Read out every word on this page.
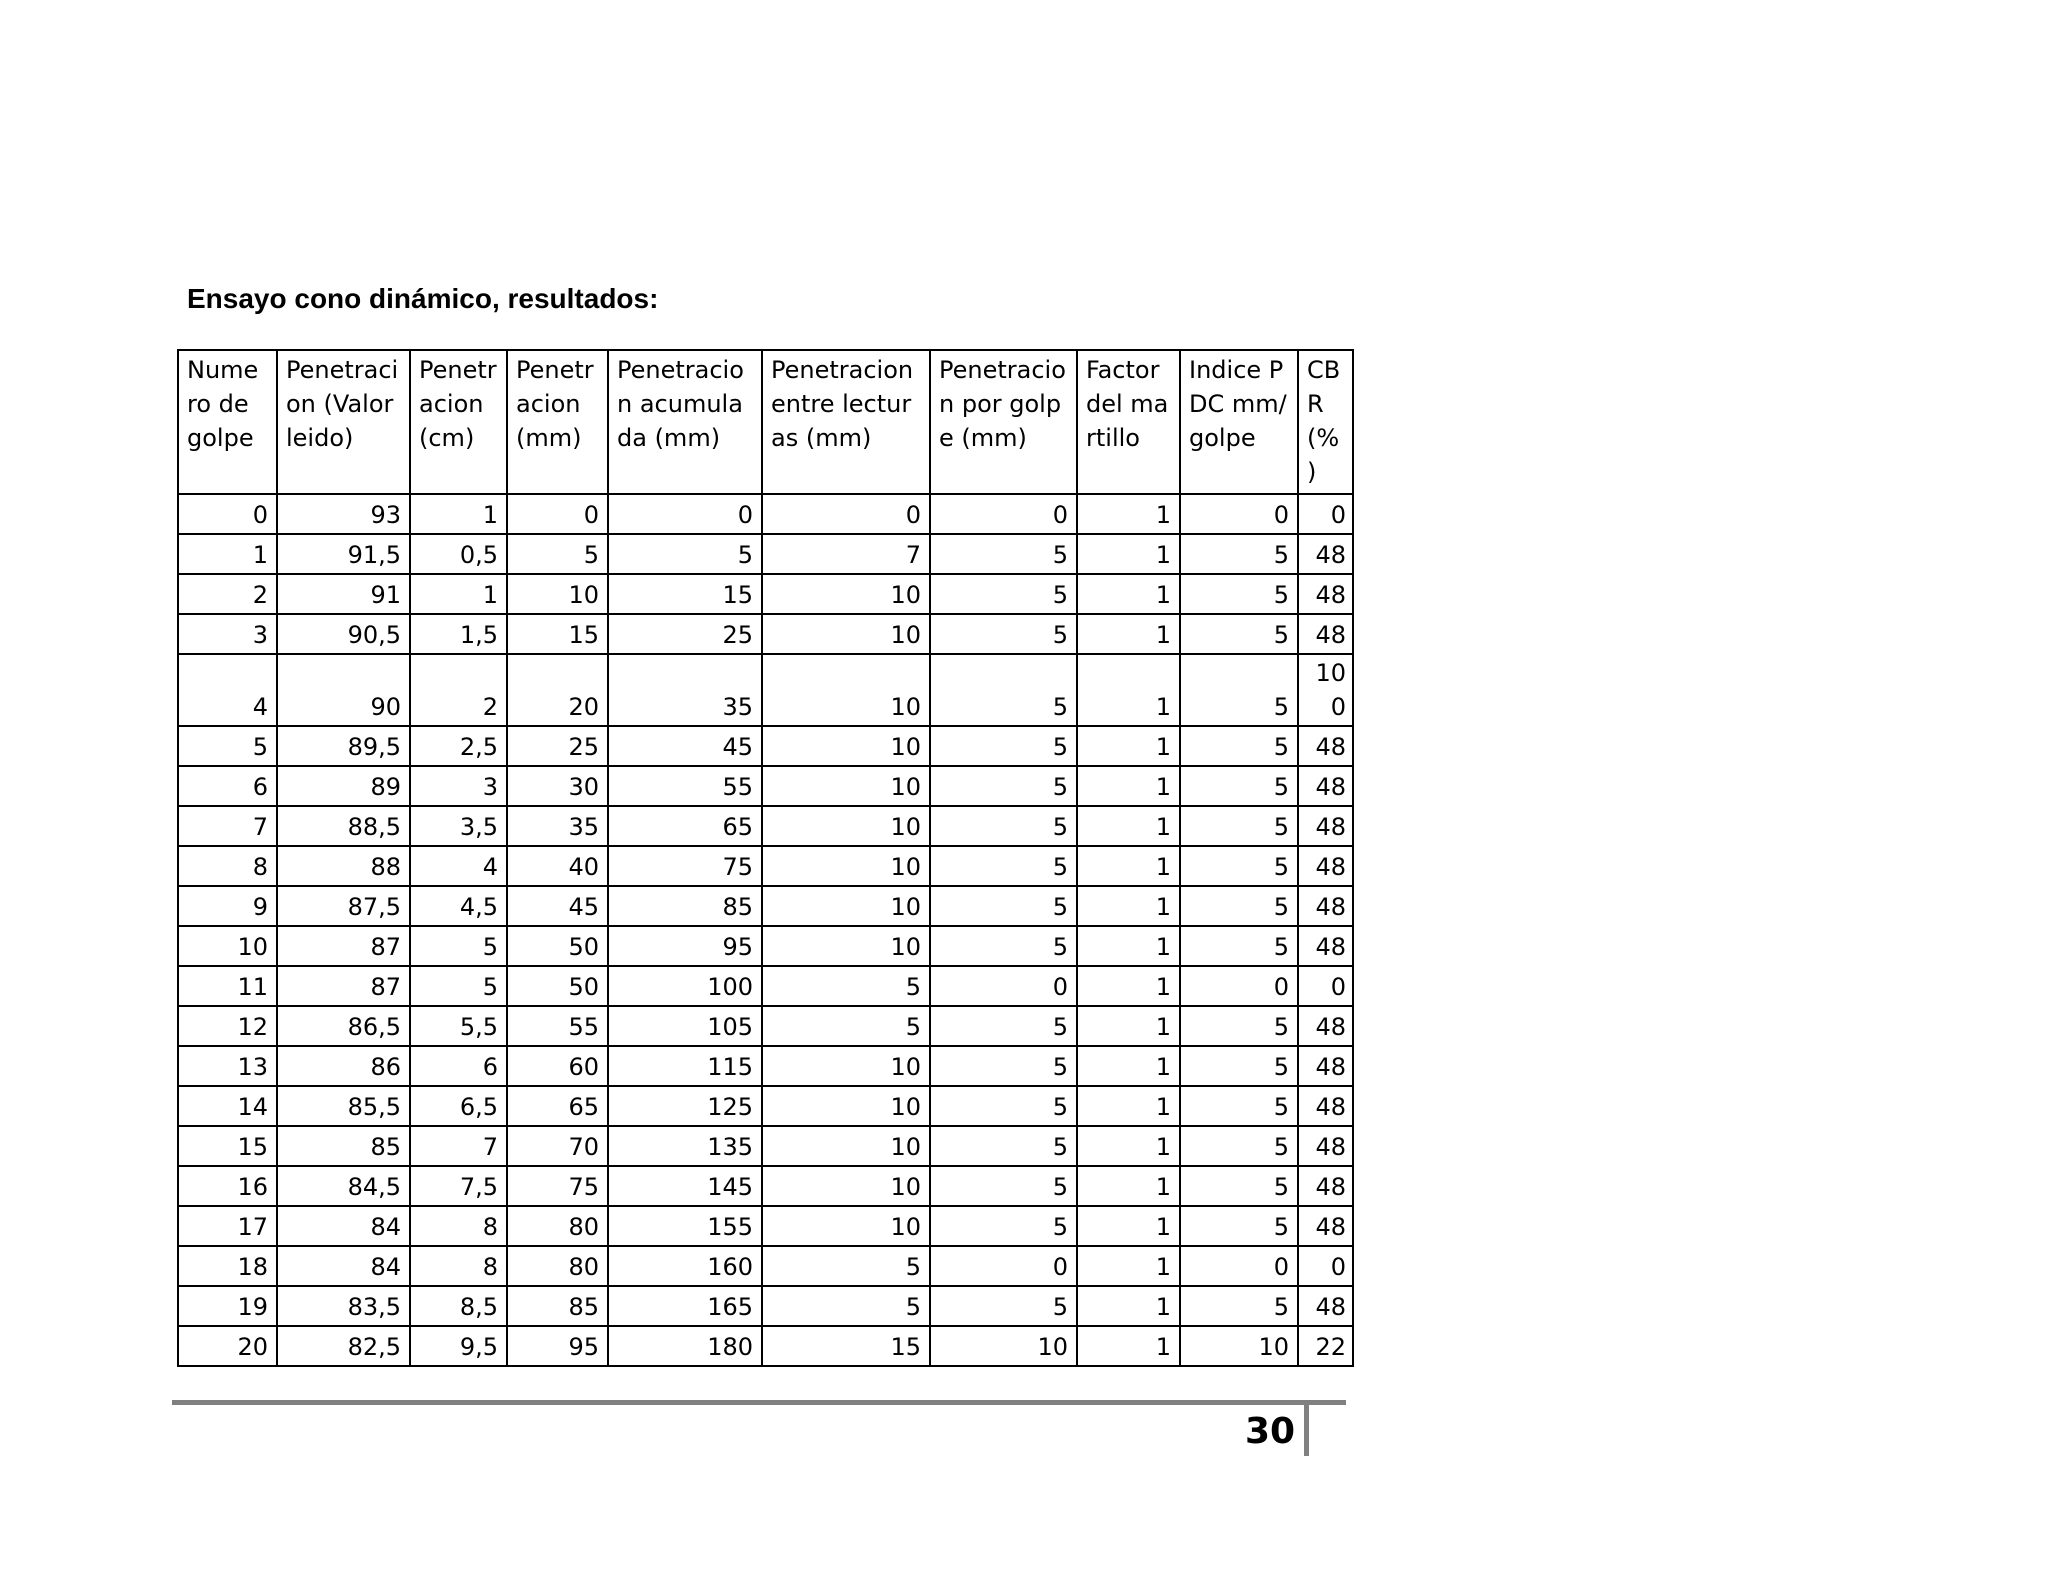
Ensayo cono dinámico, resultados:
Numero de golpe	Penetracion (Valor leido)	Penetracion (cm)	Penetracion (mm)	Penetracion acumulada (mm)	Penetracion entre lecturas (mm)	Penetracion por golpe (mm)	Factor del martillo	Indice PDC mm/golpe	CBR (%)
0	93	1	0	0	0	0	1	0	0
1	91,5	0,5	5	5	7	5	1	5	48
2	91	1	10	15	10	5	1	5	48
3	90,5	1,5	15	25	10	5	1	5	48
4	90	2	20	35	10	5	1	5	100
5	89,5	2,5	25	45	10	5	1	5	48
6	89	3	30	55	10	5	1	5	48
7	88,5	3,5	35	65	10	5	1	5	48
8	88	4	40	75	10	5	1	5	48
9	87,5	4,5	45	85	10	5	1	5	48
10	87	5	50	95	10	5	1	5	48
11	87	5	50	100	5	0	1	0	0
12	86,5	5,5	55	105	5	5	1	5	48
13	86	6	60	115	10	5	1	5	48
14	85,5	6,5	65	125	10	5	1	5	48
15	85	7	70	135	10	5	1	5	48
16	84,5	7,5	75	145	10	5	1	5	48
17	84	8	80	155	10	5	1	5	48
18	84	8	80	160	5	0	1	0	0
19	83,5	8,5	85	165	5	5	1	5	48
20	82,5	9,5	95	180	15	10	1	10	22
30
